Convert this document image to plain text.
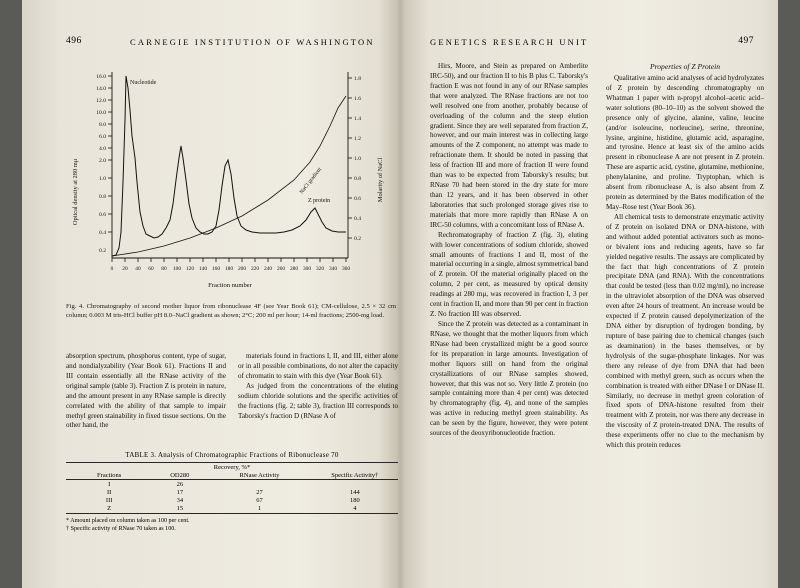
496	CARNEGIE INSTITUTION OF WASHINGTON
Optical density at 280 mμ	Molarity of NaCl
Fraction number
16.0
14.0
12.0
10.0
8.0
6.0
4.0
2.0
1.0
0.8
0.6
0.4
0.2
1.8
1.6
1.4
1.2
1.0
0.8
0.6
0.4
0.2
0 20 40 60 80 100 120 140 160 180 200 220 240 260 280 300 320 340 360
Nucleotide
NaCl gradient
Z protein
Fig. 4. Chromatography of second mother liquor from ribonuclease 4F (see Year Book 61); CM-cellulose, 2.5 × 32 cm column; 0.003 M tris-HCl buffer pH 8.0–NaCl gradient as shown; 2°C; 200 ml per hour; 14-ml fractions; 2500-mg load.
absorption spectrum, phosphorus content, type of sugar, and nondialyzability (Year Book 61). Fractions II and III contain essentially all the RNase activity of the original sample (table 3). Fraction Z is protein in nature, and the amount present in any RNase sample is directly correlated with the ability of that sample to impair methyl green stainability in fixed tissue sections. On the other hand, the

materials found in fractions I, II, and III, either alone or in all possible combinations, do not alter the capacity of chromatin to stain with this dye (Year Book 61).

As judged from the concentrations of the eluting sodium chloride solutions and the specific activities of the fractions (fig. 2; table 3), fraction III corresponds to Taborsky's fraction D (RNase A of

TABLE 3. Analysis of Chromatographic Fractions of Ribonuclease 70
	Recovery, %*		
Fractions	OD280	RNase Activity	Specific Activity†
I	26		
II	17	27	144
III	34	67	180
Z	15	1	4
* Amount placed on column taken as 100 per cent.
† Specific activity of RNase 70 taken as 100.
GENETICS RESEARCH UNIT	497

Hirs, Moore, and Stein as prepared on Amberlite IRC-50), and our fraction II to his B plus C. Taborsky's fraction E was not found in any of our RNase samples that were analyzed. The RNase fractions are not too well resolved one from another, probably because of overloading of the column and the steep elution gradient. Since they are well separated from fraction Z, however, and our main interest was in collecting large amounts of the Z component, no attempt was made to refractionate them. It should be noted in passing that less of fraction III and more of fraction II were found than was to be expected from Taborsky's results; but RNase 70 had been stored in the dry state for more than 12 years, and it has been observed in other laboratories that such prolonged storage gives rise to materials that more more rapidly than RNase A on IRC-50 columns, with a concomitant loss of RNase A.

Rechromatography of fraction Z (fig. 3), eluting with lower concentrations of sodium chloride, showed small amounts of fractions I and II, most of the material occurring in a single, almost symmetrical band of Z protein. Of the material originally placed on the column, 2 per cent, as measured by optical density readings at 280 mμ, was recovered in fraction I, 3 per cent in fraction II, and more than 90 per cent in fraction Z. No fraction III was observed.

Since the Z protein was detected as a contaminant in RNase, we thought that the mother liquors from which RNase had been crystallized might be a good source for its preparation in large amounts. Investigation of mother liquors still on hand from the original crystallizations of our RNase samples showed, however, that this was not so. Very little Z protein (no sample containing more than 4 per cent) was detected by chromatography (fig. 4), and none of the samples was active in reducing methyl green stainability. As can be seen by the figure, however, they were potent sources of the deoxyribonucleotide fraction.

Properties of Z Protein

Qualitative amino acid analyses of acid hydrolyzates of Z protein by descending chromatography on Whatman 1 paper with n-propyl alcohol–acetic acid–water solutions (80–10–10) as the solvent showed the presence only of glycine, alanine, valine, leucine (and/or isoleucine, norleucine), serine, threonine, lysine, arginine, histidine, glutamic acid, asparagine, and tyrosine. Hence at least six of the amino acids present in ribonuclease A are not present in Z protein. These are aspartic acid, cystine, glutamine, methionine, phenylalanine, and proline. Tryptophan, which is absent from ribonuclease A, is also absent from Z protein as determined by the Bates modification of the May–Rose test (Year Book 36).

All chemical tests to demonstrate enzymatic activity of Z protein on isolated DNA or DNA-histone, with and without added potential activators such as mono- or bivalent ions and reducing agents, have so far yielded negative results. The assays are complicated by the fact that high concentrations of Z protein precipitate DNA (and RNA). With the concentrations that could be tested (less than 0.02 mg/ml), no increase in the ultraviolet absorption of the DNA was observed even after 24 hours of treatment. An increase would be expected if Z protein caused depolymerization of the DNA either by disruption of hydrogen bonding, by rupture of base pairing due to chemical changes (such as deamination) in the bases themselves, or by hydrolysis of the sugar-phosphate linkages. Nor was there any release of dye from DNA that had been combined with methyl green, such as occurs when the combination is treated with either DNase I or DNase II. Similarly, no decrease in methyl green coloration of fixed spots of DNA-histone resulted from their treatment with Z protein, nor was there any decrease in the viscosity of Z protein-treated DNA. The results of these experiments offer no clue to the mechanism by which this protein reduces
